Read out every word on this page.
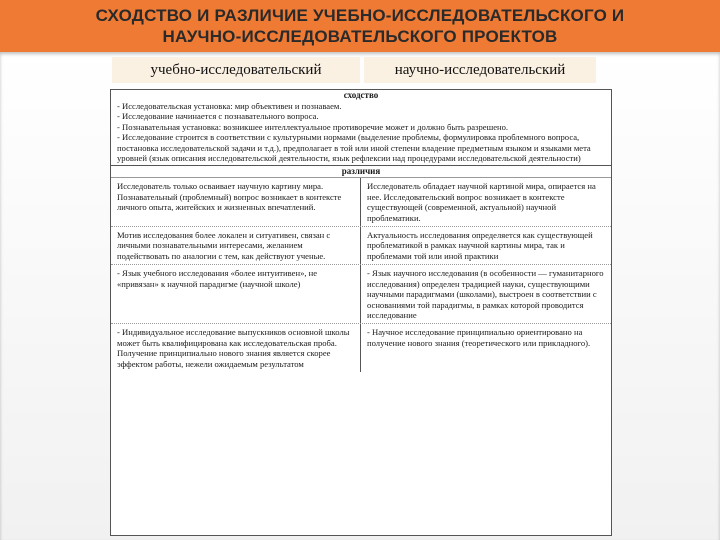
СХОДСТВО И РАЗЛИЧИЕ УЧЕБНО-ИССЛЕДОВАТЕЛЬСКОГО И
НАУЧНО-ИССЛЕДОВАТЕЛЬСКОГО ПРОЕКТОВ
учебно-исследовательский	научно-исследовательский
сходство

- Исследовательская установка: мир объективен и познаваем.

- Исследование начинается с познавательного вопроса.

- Познавательная установка: возникшее интеллектуальное противоречие может и должно быть разрешено.

- Исследование строится в соответствии с культурными нормами (выделение проблемы, формулировка проблемного вопроса, постановка исследовательской задачи и т.д.), предполагает в той или иной степени владение предметным языком и языками мета уровней (язык описания исследовательской деятельности, язык рефлексии над процедурами исследовательской деятельности)

различия

Исследователь только осваивает научную картину мира. Познавательный (проблемный) вопрос возникает в контексте личного опыта, житейских и жизненных впечатлений.

Исследователь обладает научной картиной мира, опирается на нее. Исследовательский вопрос возникает в контексте существующей (современной, актуальной) научной проблематики.

Мотив исследования более локален и ситуативен, связан с личными познавательными интересами, желанием подействовать по аналогии с тем, как действуют ученые.

Актуальность исследования определяется как существующей проблематикой в рамках научной картины мира, так и проблемами той или иной практики

- Язык учебного исследования «более интуитивен», не «привязан» к научной парадигме (научной школе)

- Язык научного исследования (в особенности — гуманитарного исследования) определен традицией науки, существующими научными парадигмами (школами), выстроен в соответствии с основаниями той парадигмы, в рамках которой проводится исследование

- Индивидуальное исследование выпускников основной школы может быть квалифицирована как исследовательская проба. Получение принципиально нового знания является скорее эффектом работы, нежели ожидаемым результатом

- Научное исследование принципиально ориентировано на получение нового знания (теоретического или прикладного).
